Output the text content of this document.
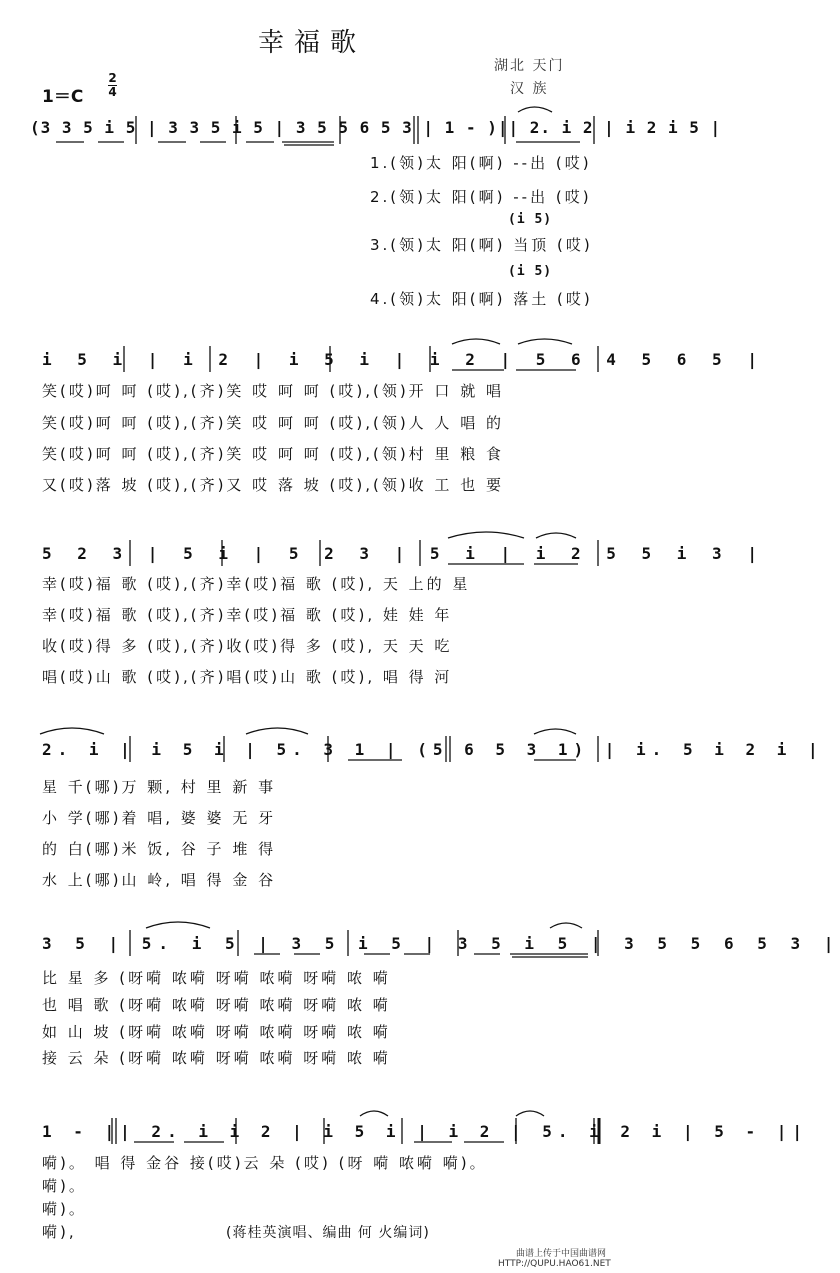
幸福歌
湖北 天门
汉 族
1＝C
2
4
(3 3 5 i 5 | 3 3 5 i 5 | 3 5 5 6 5 3 | 1 - )|| 2. i 2 | i 2 i 5 |
1.(领)太 阳(啊) --出 (哎)
2.(领)太 阳(啊) --出 (哎)
(i 5)
3.(领)太 阳(啊) 当顶 (哎)
(i 5)
4.(领)太 阳(啊) 落土 (哎)
i 5 i | i 2 | i 5 i | i 2 | 5 6 4 5 6 5 |
笑(哎)呵 呵 (哎),(齐)笑 哎 呵 呵 (哎),(领)开 口 就 唱
笑(哎)呵 呵 (哎),(齐)笑 哎 呵 呵 (哎),(领)人 人 唱 的
笑(哎)呵 呵 (哎),(齐)笑 哎 呵 呵 (哎),(领)村 里 粮 食
又(哎)落 坡 (哎),(齐)又 哎 落 坡 (哎),(领)收 工 也 要
5 2 3 | 5 i | 5 2 3 | 5 i | i 2 5 5 i 3 |
幸(哎)福 歌 (哎),(齐)幸(哎)福 歌 (哎), 天 上的 星
幸(哎)福 歌 (哎),(齐)幸(哎)福 歌 (哎), 娃 娃 年
收(哎)得 多 (哎),(齐)收(哎)得 多 (哎), 天 天 吃
唱(哎)山 歌 (哎),(齐)唱(哎)山 歌 (哎), 唱 得 河
2. i | i 5 i | 5. 3 1 | (5 6 5 3 1) | i. 5 i 2 i |
星 千(哪)万 颗, 村 里 新 事
小 学(哪)着 唱, 婆 婆 无 牙
的 白(哪)米 饭, 谷 子 堆 得
水 上(哪)山 岭, 唱 得 金 谷
3 5 | 5. i 5 | 3 5 i 5 | 3 5 i 5 | 3 5 5 6 5 3 |
比 星 多 (呀嗬 哝嗬 呀嗬 哝嗬 呀嗬 哝 嗬
也 唱 歌 (呀嗬 哝嗬 呀嗬 哝嗬 呀嗬 哝 嗬
如 山 坡 (呀嗬 哝嗬 呀嗬 哝嗬 呀嗬 哝 嗬
接 云 朵 (呀嗬 哝嗬 呀嗬 哝嗬 呀嗬 哝 嗬
1 - || 2. i i 2 | i 5 i | i 2 | 5. i 2 i | 5 - ||
嗬)。 唱 得 金谷 接(哎)云 朵 (哎) (呀 嗬 哝嗬 嗬)。
嗬)。
嗬)。
嗬),	(蒋桂英演唱、编曲 何 火编词)
曲谱上传于中国曲谱网
HTTP://QUPU.HAO61.NET
